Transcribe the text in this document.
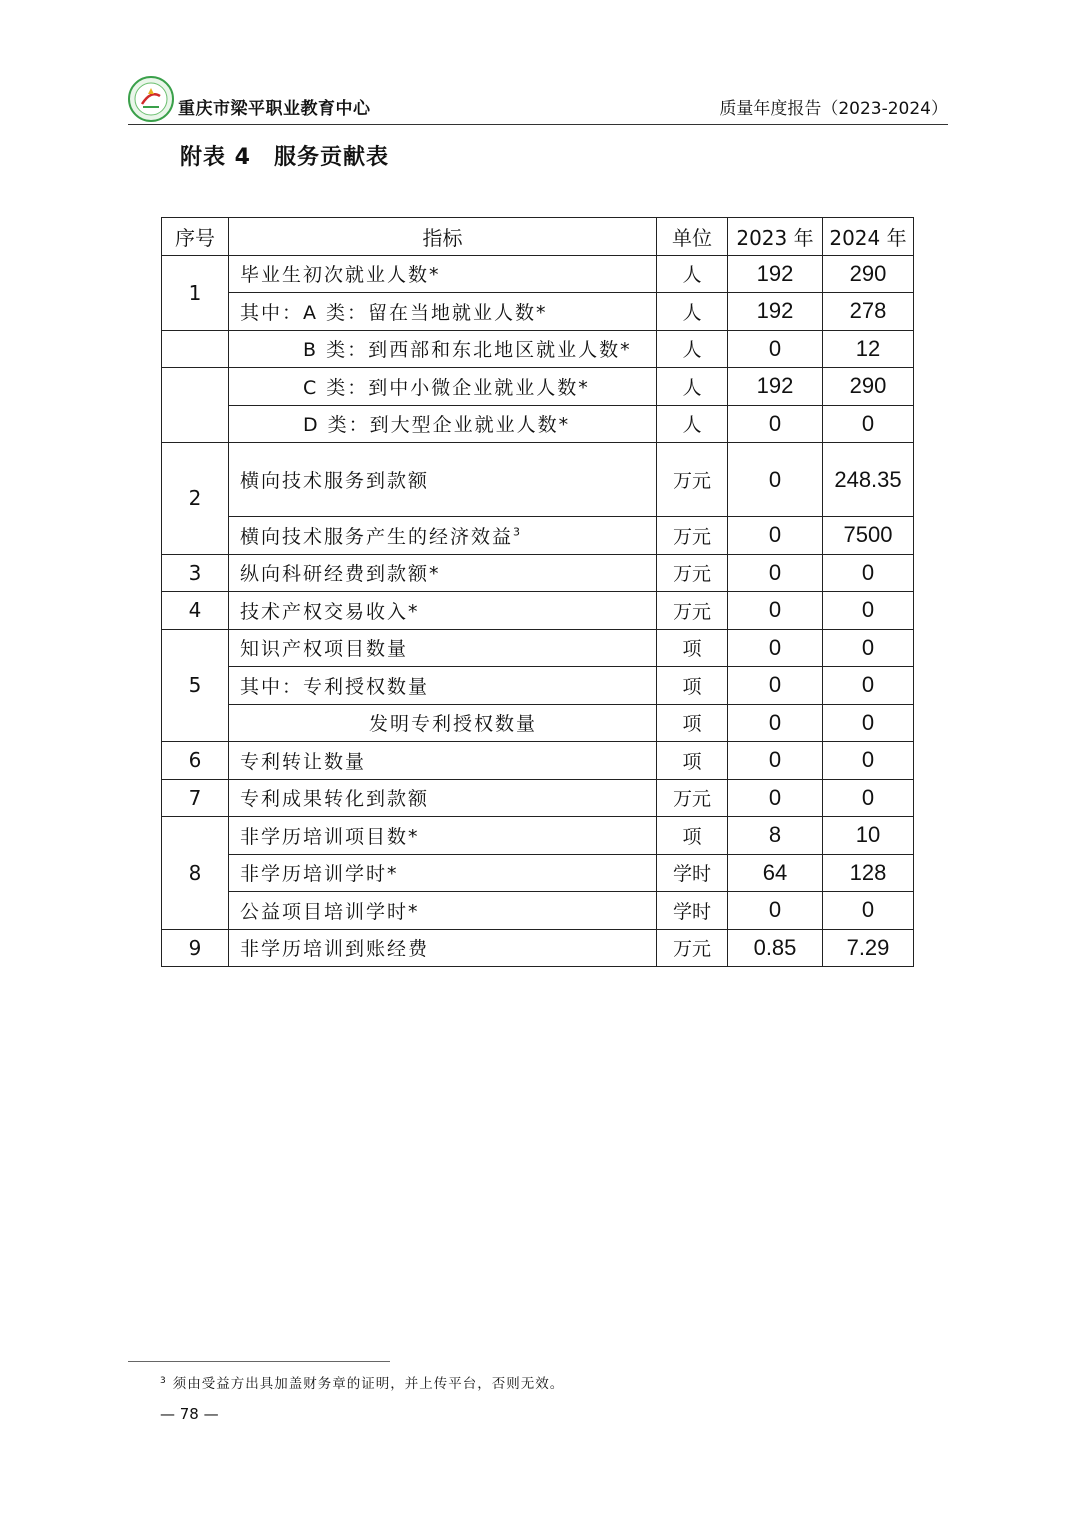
重庆市梁平职业教育中心	质量年度报告（2023-2024）
附表 4　服务贡献表
序号	指标	单位	2023 年	2024 年
1	毕业生初次就业人数*	人	192	290
	其中：A 类：留在当地就业人数*	人	192	278
	B 类：到西部和东北地区就业人数*	人	0	12
	C 类：到中小微企业就业人数*	人	192	290
	D 类：到大型企业就业人数*	人	0	0
2	横向技术服务到款额	万元	0	248.35
	横向技术服务产生的经济效益$^3$	万元	0	7500
3	纵向科研经费到款额*	万元	0	0
4	技术产权交易收入*	万元	0	0
5	知识产权项目数量	项	0	0
	其中：专利授权数量	项	0	0
	发明专利授权数量	项	0	0
6	专利转让数量	项	0	0
7	专利成果转化到款额	万元	0	0
8	非学历培训项目数*	项	8	10
	非学历培训学时*	学时	64	128
	公益项目培训学时*	学时	0	0
9	非学历培训到账经费	万元	0.85	7.29
$^3$ 须由受益方出具加盖财务章的证明，并上传平台，否则无效。
— 78 —
